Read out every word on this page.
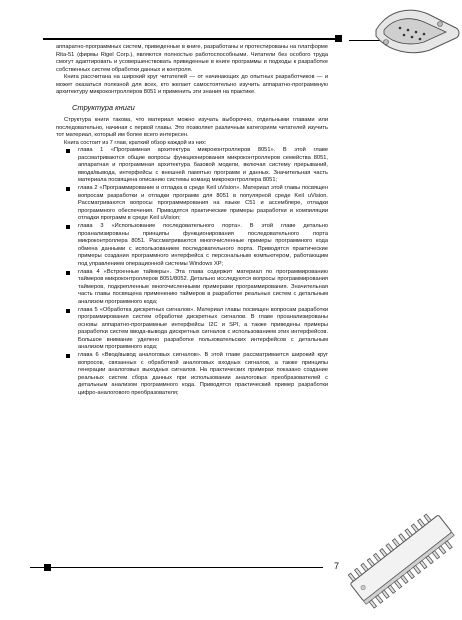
аппаратно-программных систем, приведенные в книге, разработаны и протестированы на платформе Rita-51 (фирмы Rigel Corp.), являются полностью работоспособными. Читатели без особого труда смогут адаптировать и усовершенствовать приведенные в книге программы и подходы к разработке собственных систем обработки данных и контроля.

Книга рассчитана на широкий круг читателей — от начинающих до опытных разработчиков — и может оказаться полезной для всех, кто желает самостоятельно изучить аппаратно-программную архитектуру микроконтроллеров 8051 и применить эти знания на практике.

Структура книги

Структура книги такова, что материал можно изучать выборочно, отдельными главами или последовательно, начиная с первой главы. Это позволяет различным категориям читателей изучить тот материал, который им более всего интересен.

Книга состоит из 7 глав, краткий обзор каждой из них:

глава 1 «Программная архитектура микроконтроллеров 8051». В этой главе рассматриваются общие вопросы функционирования микроконтроллеров семейства 8051, аппаратная и программная архитектура базовой модели, включая систему прерываний, ввода/вывода, интерфейсы с внешней памятью программ и данных. Значительная часть материала посвящена описанию системы команд микроконтроллера 8051;
глава 2 «Программирование и отладка в среде Keil uVision». Материал этой главы посвящен вопросам разработки и отладки программ для 8051 в популярной среде Keil uVision. Рассматриваются вопросы программирования на языке C51 и ассемблере, отладки программного обеспечения. Приводятся практические примеры разработки и компиляции отладки программ в среде Keil uVision;
глава 3 «Использование последовательного порта». В этой главе детально проанализированы принципы функционирования последовательного порта микроконтроллера 8051. Рассматриваются многочисленные примеры программного кода обмена данными с использованием последовательного порта. Приводятся практические примеры создания программного интерфейса с персональным компьютером, работающим под управлением операционной системы Windows XP;
глава 4 «Встроенные таймеры». Эта глава содержит материал по программированию таймеров микроконтроллеров 8051/8052. Детально исследуются вопросы программирования таймеров, подкрепленные многочисленными примерами программирования. Значительная часть главы посвящена применению таймеров в разработке реальных систем с детальным анализом программного кода;
глава 5 «Обработка дискретных сигналов». Материал главы посвящен вопросам разработки программирования систем обработки дискретных сигналов. В главе проанализированы основы аппаратно-программные интерфейсы I2C и SPI, а также приведены примеры разработки систем ввода-вывода дискретных сигналов с использованием этих интерфейсов. Большое внимание уделено разработке пользовательских интерфейсов с детальным анализом программного кода;
глава 6 «Ввод/вывод аналоговых сигналов». В этой главе рассматривается широкий круг вопросов, связанных с обработкой аналоговых входных сигналов, а также принципы генерации аналоговых выходных сигналов. На практических примерах показано создание реальных систем сбора данных при использовании аналоговых преобразователей с детальным анализом программного кода. Приводятся практический пример разработки цифро-аналогового преобразователя;
7
